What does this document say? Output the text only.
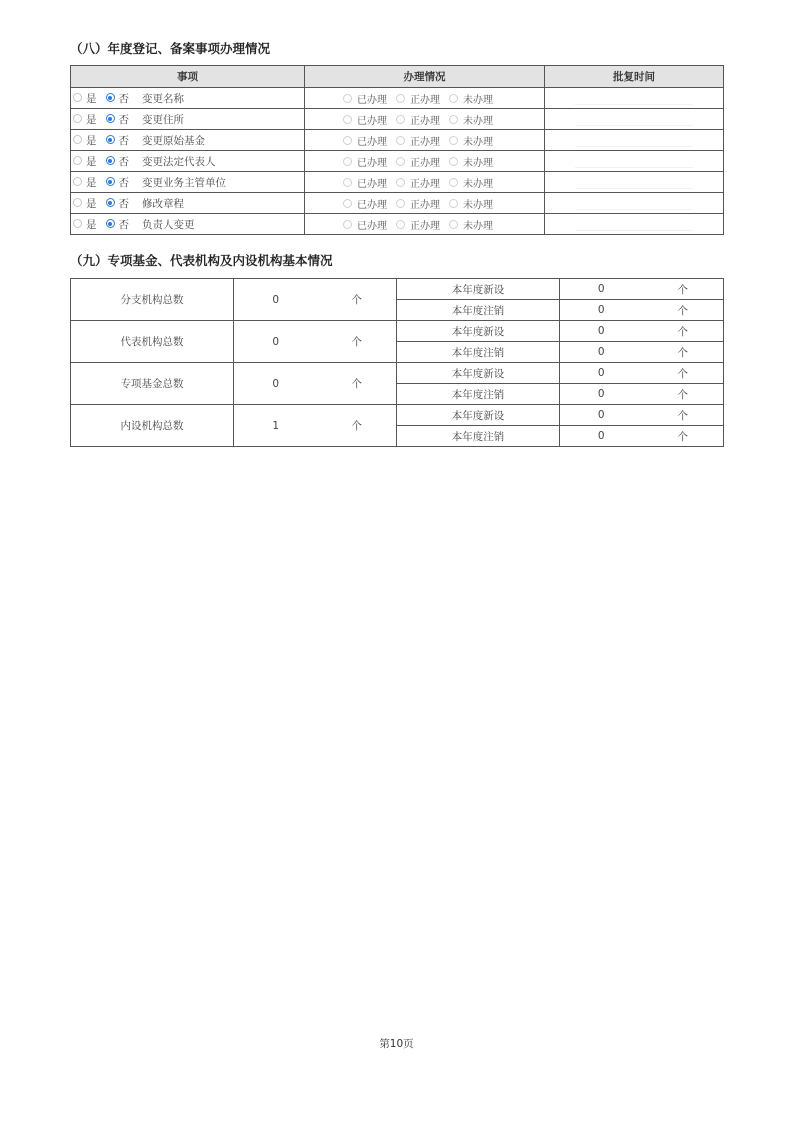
（八）年度登记、备案事项办理情况
事项	办理情况	批复时间
是 否 变更名称	已办理 正办理 未办理	

是 否 变更住所	已办理 正办理 未办理	

是 否 变更原始基金	已办理 正办理 未办理	

是 否 变更法定代表人	已办理 正办理 未办理	

是 否 变更业务主管单位	已办理 正办理 未办理	

是 否 修改章程	已办理 正办理 未办理	

是 否 负责人变更	已办理 正办理 未办理	
（九）专项基金、代表机构及内设机构基本情况
分支机构总数	0	个	本年度新设	0	个
			本年度注销	0	个
代表机构总数	0	个	本年度新设	0	个
			本年度注销	0	个
专项基金总数	0	个	本年度新设	0	个
			本年度注销	0	个
内设机构总数	1	个	本年度新设	0	个
			本年度注销	0	个
第10页
